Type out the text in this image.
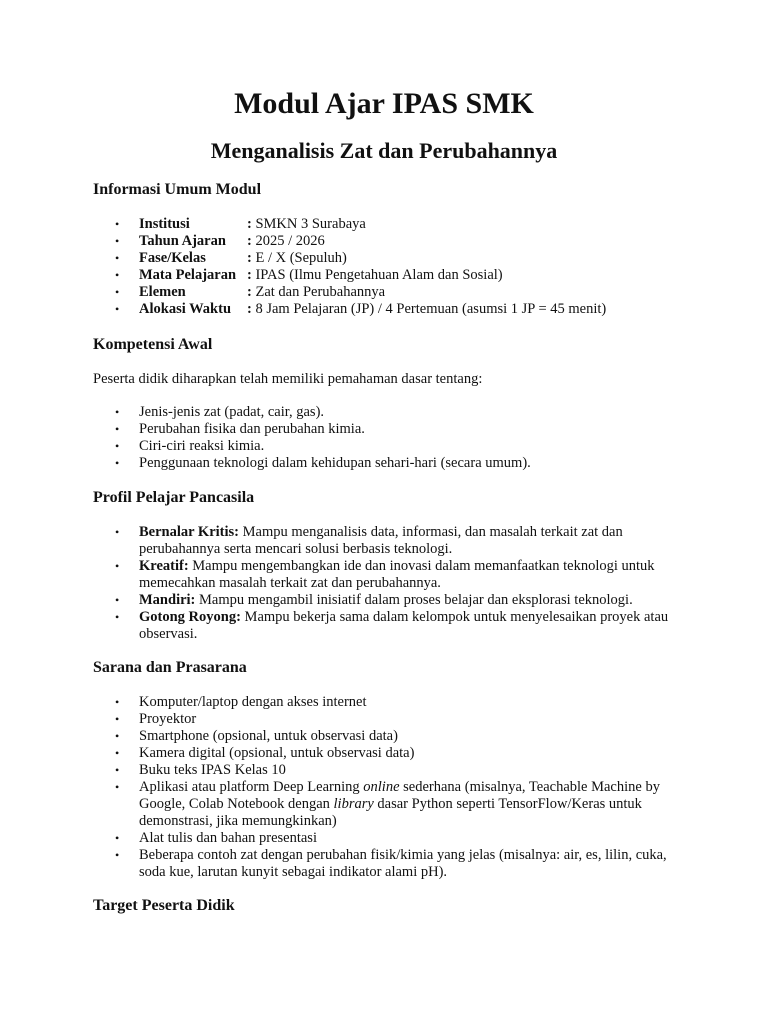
Modul Ajar IPAS SMK
Menganalisis Zat dan Perubahannya
Informasi Umum Modul
• Institusi	: SMKN 3 Surabaya
• Tahun Ajaran : 2025 / 2026
• Fase/Kelas	: E / X (Sepuluh)
• Mata Pelajaran : IPAS (Ilmu Pengetahuan Alam dan Sosial)
• Elemen	: Zat dan Perubahannya
• Alokasi Waktu : 8 Jam Pelajaran (JP) / 4 Pertemuan (asumsi 1 JP = 45 menit)
Kompetensi Awal

Peserta didik diharapkan telah memiliki pemahaman dasar tentang:

• Jenis-jenis zat (padat, cair, gas).
• Perubahan fisika dan perubahan kimia.
• Ciri-ciri reaksi kimia.
• Penggunaan teknologi dalam kehidupan sehari-hari (secara umum).
Profil Pelajar Pancasila
• Bernalar Kritis: Mampu menganalisis data, informasi, dan masalah terkait zat dan perubahannya serta mencari solusi berbasis teknologi.
• Kreatif: Mampu mengembangkan ide dan inovasi dalam memanfaatkan teknologi untuk memecahkan masalah terkait zat dan perubahannya.
• Mandiri: Mampu mengambil inisiatif dalam proses belajar dan eksplorasi teknologi.
• Gotong Royong: Mampu bekerja sama dalam kelompok untuk menyelesaikan proyek atau observasi.
Sarana dan Prasarana
• Komputer/laptop dengan akses internet
• Proyektor
• Smartphone (opsional, untuk observasi data)
• Kamera digital (opsional, untuk observasi data)
• Buku teks IPAS Kelas 10
• Aplikasi atau platform Deep Learning online sederhana (misalnya, Teachable Machine by Google, Colab Notebook dengan library dasar Python seperti TensorFlow/Keras untuk demonstrasi, jika memungkinkan)
• Alat tulis dan bahan presentasi
• Beberapa contoh zat dengan perubahan fisik/kimia yang jelas (misalnya: air, es, lilin, cuka, soda kue, larutan kunyit sebagai indikator alami pH).
Target Peserta Didik
